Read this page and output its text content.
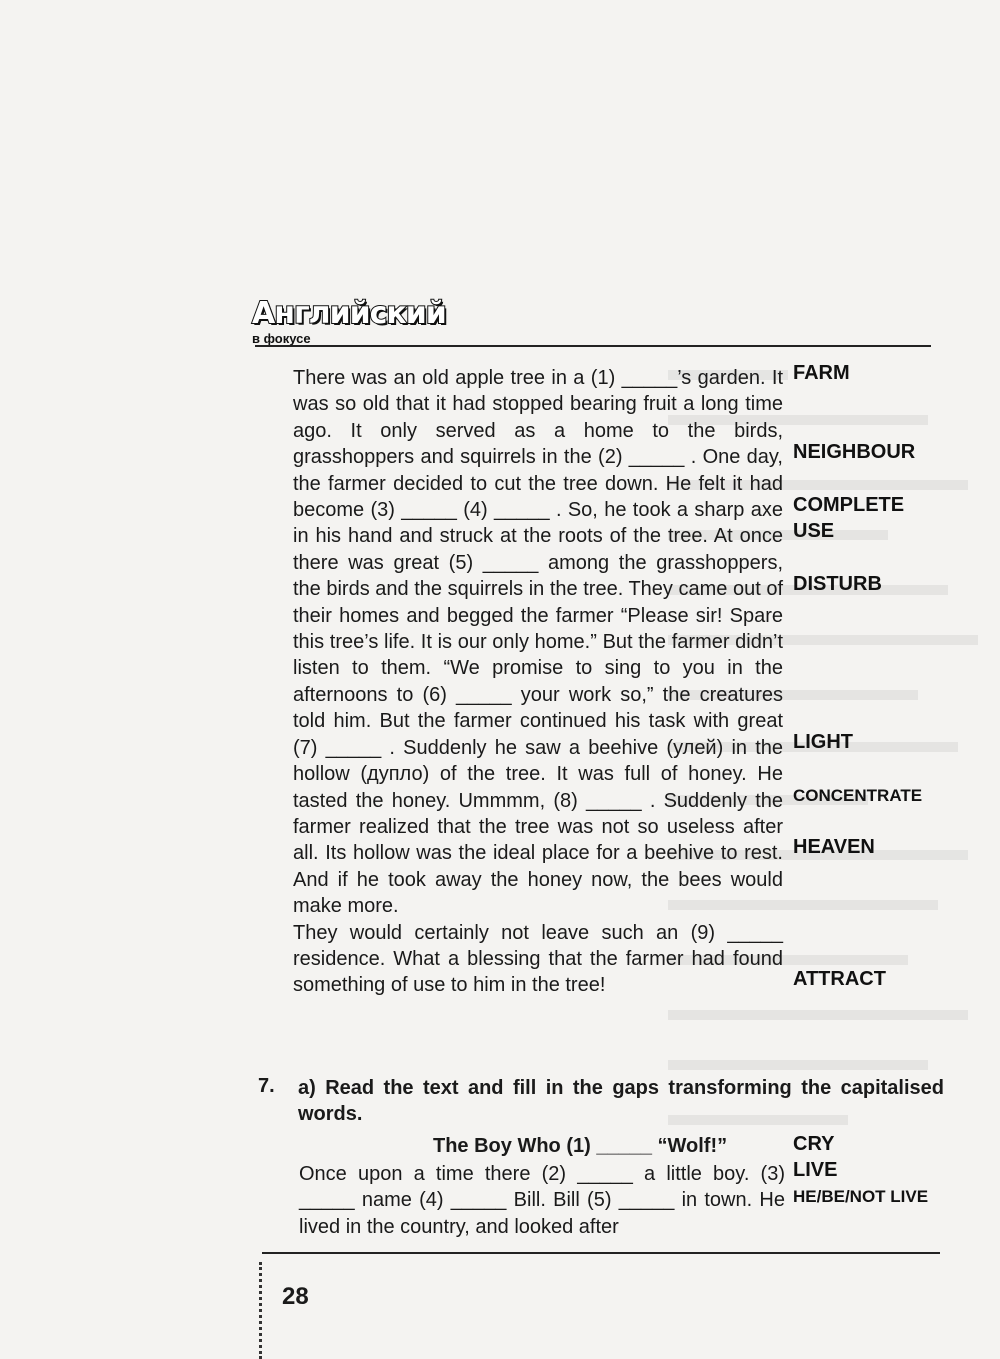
Английский
в фокусе

There was an old apple tree in a (1) _____’s garden. It was so old that it had stopped bearing fruit a long time ago. It only served as a home to the birds, grasshoppers and squirrels in the (2) _____ . One day, the farmer decided to cut the tree down. He felt it had become (3) _____ (4) _____ . So, he took a sharp axe in his hand and struck at the roots of the tree. At once there was great (5) _____ among the grasshoppers, the birds and the squirrels in the tree. They came out of their homes and begged the farmer “Please sir! Spare this tree’s life. It is our only home.” But the farmer didn’t listen to them. “We promise to sing to you in the afternoons to (6) _____ your work so,” the creatures told him. But the farmer continued his task with great (7) _____ . Suddenly he saw a beehive (улей) in the hollow (дупло) of the tree. It was full of honey. He tasted the honey. Ummmm, (8) _____ . Suddenly the farmer realized that the tree was not so useless after all. Its hollow was the ideal place for a beehive to rest. And if he took away the honey now, the bees would make more.

They would certainly not leave such an (9) _____ residence. What a blessing that the farmer had found something of use to him in the tree!

FARM
NEIGHBOUR
COMPLETE
USE
DISTURB
LIGHT
CONCENTRATE
HEAVEN
ATTRACT
7. a) Read the text and fill in the gaps transforming the capitalised words.
The Boy Who (1) _____ “Wolf!”

Once upon a time there (2) _____ a little boy. (3) _____ name (4) _____ Bill. Bill (5) _____ in town. He lived in the country, and looked after

CRY
LIVE
HE/BE/NOT LIVE
28
